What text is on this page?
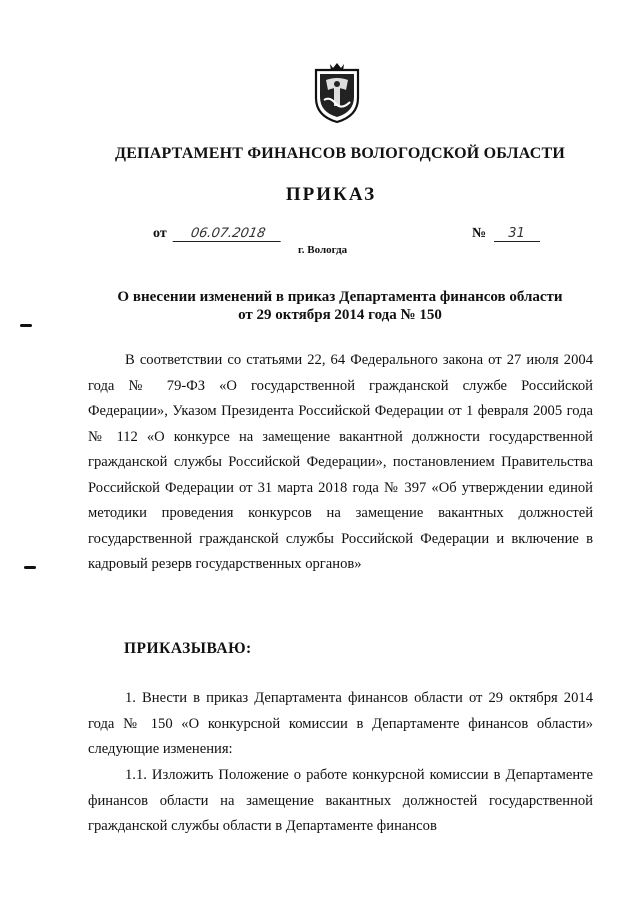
ДЕПАРТАМЕНТ ФИНАНСОВ ВОЛОГОДСКОЙ ОБЛАСТИ
ПРИКАЗ
от 06.07.2018	№ 31
г. Вологда
О внесении изменений в приказ Департамента финансов области
от 29 октября 2014 года № 150

В соответствии со статьями 22, 64 Федерального закона от 27 июля 2004 года № 79-ФЗ «О государственной гражданской службе Российской Федерации», Указом Президента Российской Федерации от 1 февраля 2005 года № 112 «О конкурсе на замещение вакантной должности государственной гражданской службы Российской Федерации», постановлением Правительства Российской Федерации от 31 марта 2018 года № 397 «Об утверждении единой методики проведения конкурсов на замещение вакантных должностей государственной гражданской службы Российской Федерации и включение в кадровый резерв государственных органов»

ПРИКАЗЫВАЮ:

1. Внести в приказ Департамента финансов области от 29 октября 2014 года № 150 «О конкурсной комиссии в Департаменте финансов области» следующие изменения:

1.1. Изложить Положение о работе конкурсной комиссии в Департаменте финансов области на замещение вакантных должностей государственной гражданской службы области в Департаменте финансов
